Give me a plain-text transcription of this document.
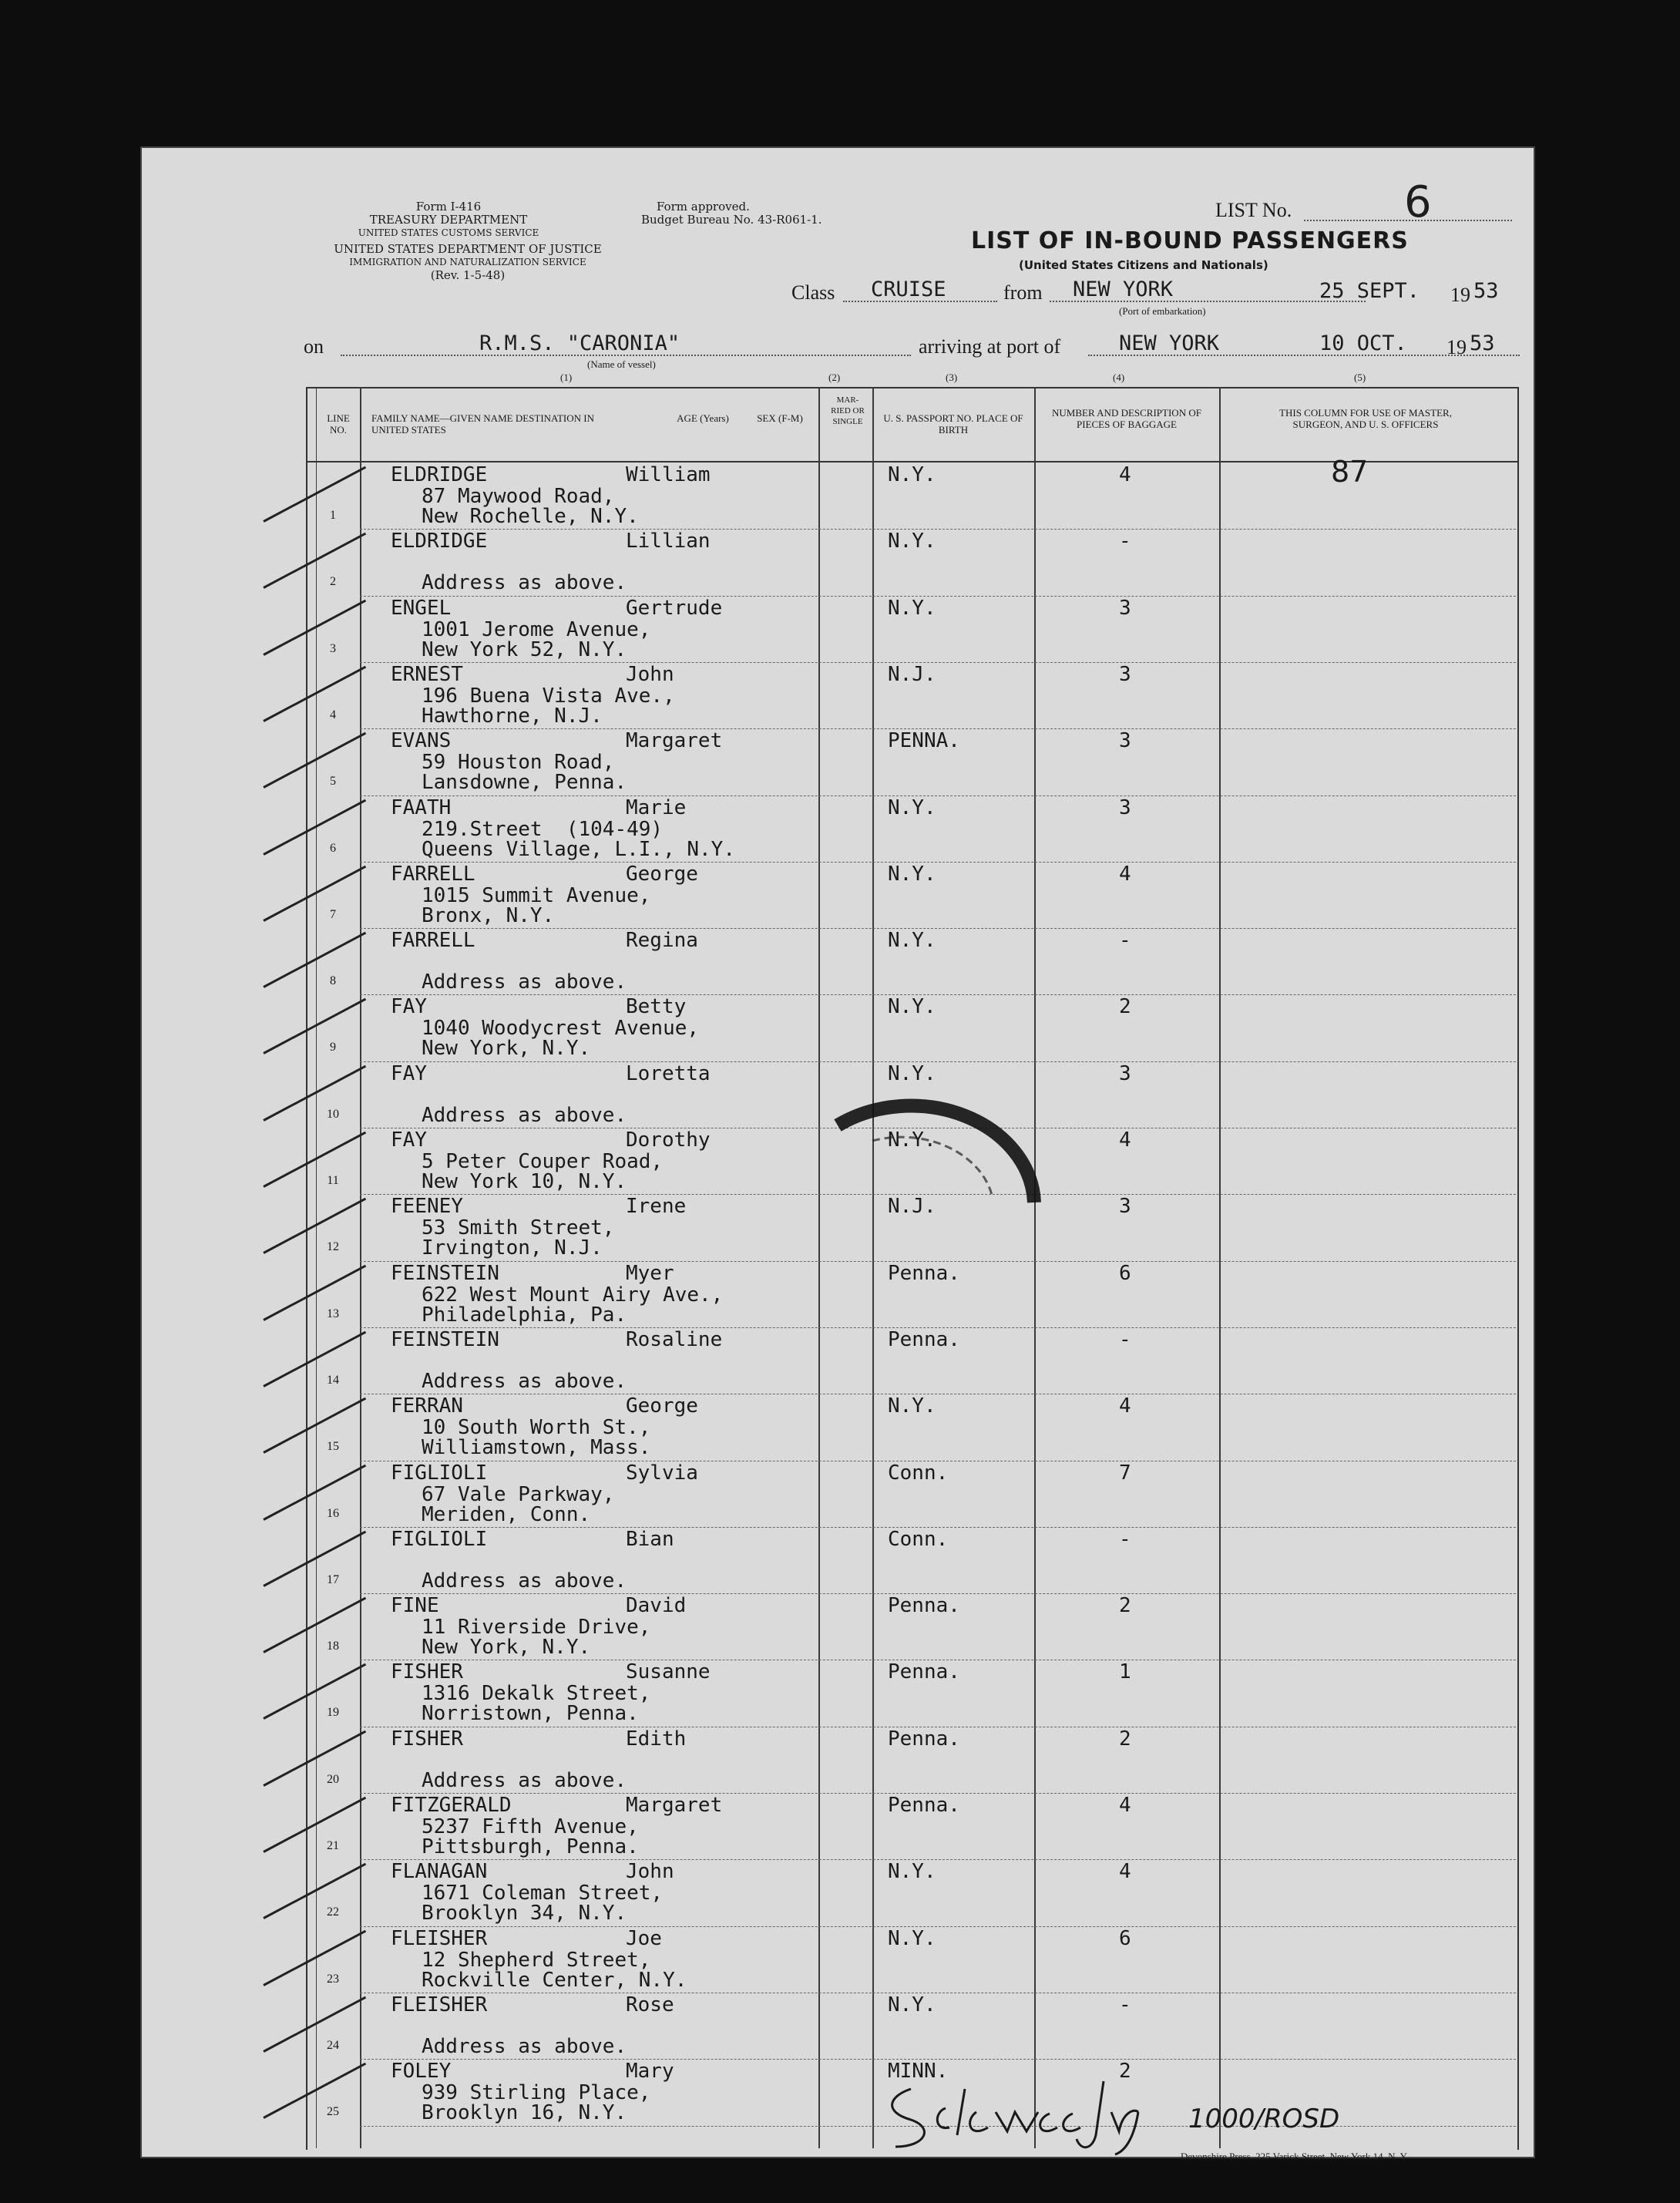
Form I-416
TREASURY DEPARTMENT
UNITED STATES CUSTOMS SERVICE
UNITED STATES DEPARTMENT OF JUSTICE
IMMIGRATION AND NATURALIZATION SERVICE
(Rev. 1-5-48)
Form approved.
Budget Bureau No. 43-R061-1.	LIST No.	6
LIST OF IN-BOUND PASSENGERS
(United States Citizens and Nationals)
Class CRUISE	from NEW YORK
(Port of embarkation)
25 SEPT. 19 53
on	R.M.S. "CARONIA"
(Name of vessel)
arriving at port of	NEW YORK	10 OCT. 19 53
(1)	(2)	(3)	(4)	(5)
LINE NO.
FAMILY NAME—GIVEN NAME DESTINATION IN UNITED STATES
AGE (Years)	SEX (F-M)
MAR- RIED OR SINGLE	U. S. PASSPORT NO. PLACE OF BIRTH
NUMBER AND DESCRIPTION OF PIECES OF BAGGAGE
THIS COLUMN FOR USE OF MASTER, SURGEON, AND U. S. OFFICERS
ELDRIDGE	William
87 Maywood Road,
New Rochelle, N.Y.
N.Y.	4	87
1
ELDRIDGE	Lillian
Address as above.
N.Y.	-
2
ENGEL	Gertrude
1001 Jerome Avenue,
New York 52, N.Y.
N.Y.	3
3
ERNEST	John
196 Buena Vista Ave.,
Hawthorne, N.J.
N.J.	3
4
EVANS	Margaret
59 Houston Road,
Lansdowne, Penna.
PENNA.	3
5
FAATH	Marie
219.Street  (104-49)
Queens Village, L.I., N.Y.
N.Y.	3
6
FARRELL	George
1015 Summit Avenue,
Bronx, N.Y.
N.Y.	4
7
FARRELL	Regina
Address as above.
N.Y.	-
8
FAY	Betty
1040 Woodycrest Avenue,
New York, N.Y.
N.Y.	2
9
FAY	Loretta
Address as above.
N.Y.	3
10
FAY	Dorothy
5 Peter Couper Road,
New York 10, N.Y.
N.Y.	4
11
FEENEY	Irene
53 Smith Street,
Irvington, N.J.
N.J.	3
12
FEINSTEIN	Myer
622 West Mount Airy Ave.,
Philadelphia, Pa.
Penna.	6
13
FEINSTEIN	Rosaline
Address as above.
Penna.	-
14
FERRAN	George
10 South Worth St.,
Williamstown, Mass.
N.Y.	4
15
FIGLIOLI	Sylvia
67 Vale Parkway,
Meriden, Conn.
Conn.	7
16
FIGLIOLI	Bian
Address as above.
Conn.	-
17
FINE	David
11 Riverside Drive,
New York, N.Y.
Penna.	2
18
FISHER	Susanne
1316 Dekalk Street,
Norristown, Penna.
Penna.	1
19
FISHER	Edith
Address as above.
Penna.	2
20
FITZGERALD	Margaret
5237 Fifth Avenue,
Pittsburgh, Penna.
Penna.	4
21
FLANAGAN	John
1671 Coleman Street,
Brooklyn 34, N.Y.
N.Y.	4
22
FLEISHER	Joe
12 Shepherd Street,
Rockville Center, N.Y.
N.Y.	6
23
FLEISHER	Rose
Address as above.
N.Y.	-
24
FOLEY	Mary
939 Stirling Place,
Brooklyn 16, N.Y.
MINN.	2
25	1000/ROSD
Devonshire Press, 225 Varick Street, New York 14, N. Y.
